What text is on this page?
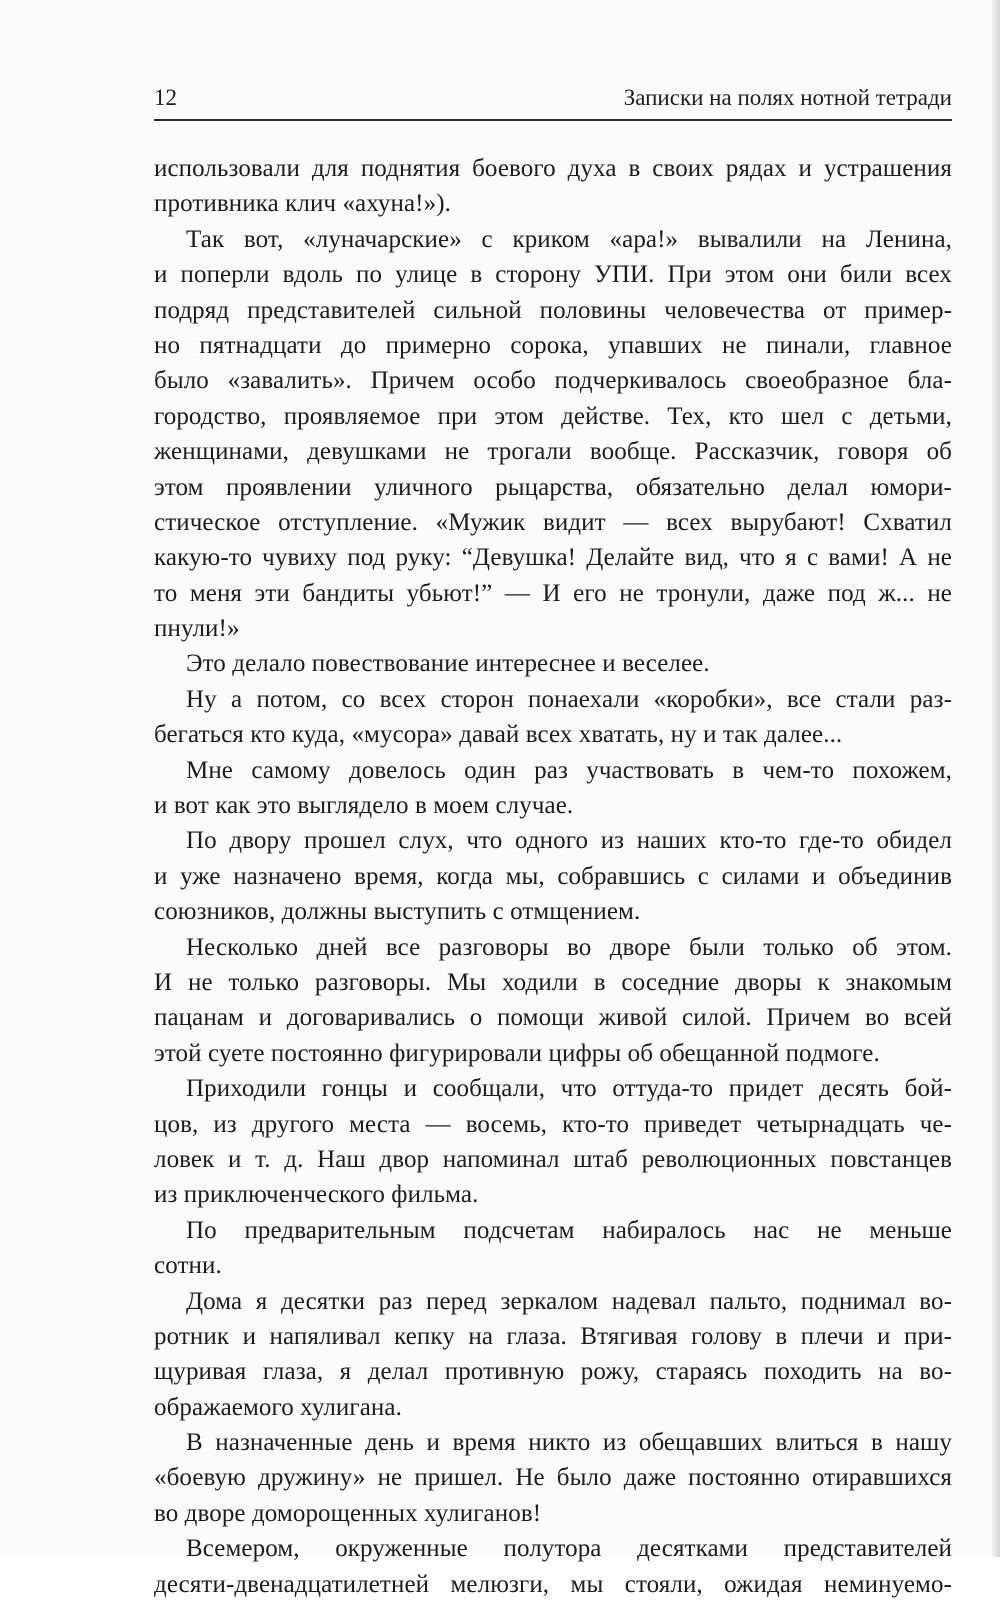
12	Записки на полях нотной тетради
использовали для поднятия боевого духа в своих рядах и устрашения
противника клич «ахуна!»).
Так вот, «луначарские» с криком «ара!» вывалили на Ленина,
и поперли вдоль по улице в сторону УПИ. При этом они били всех
подряд представителей сильной половины человечества от пример-
но пятнадцати до примерно сорока, упавших не пинали, главное
было «завалить». Причем особо подчеркивалось своеобразное бла-
городство, проявляемое при этом действе. Тех, кто шел с детьми,
женщинами, девушками не трогали вообще. Рассказчик, говоря об
этом проявлении уличного рыцарства, обязательно делал юмори-
стическое отступление. «Мужик видит — всех вырубают! Схватил
какую-то чувиху под руку: “Девушка! Делайте вид, что я с вами! А не
то меня эти бандиты убьют!” — И его не тронули, даже под ж... не
пнули!»
Это делало повествование интереснее и веселее.
Ну а потом, со всех сторон понаехали «коробки», все стали раз-
бегаться кто куда, «мусора» давай всех хватать, ну и так далее...
Мне самому довелось один раз участвовать в чем-то похожем,
и вот как это выглядело в моем случае.
По двору прошел слух, что одного из наших кто-то где-то обидел
и уже назначено время, когда мы, собравшись с силами и объединив
союзников, должны выступить с отмщением.
Несколько дней все разговоры во дворе были только об этом.
И не только разговоры. Мы ходили в соседние дворы к знакомым
пацанам и договаривались о помощи живой силой. Причем во всей
этой суете постоянно фигурировали цифры об обещанной подмоге.
Приходили гонцы и сообщали, что оттуда-то придет десять бой-
цов, из другого места — восемь, кто-то приведет четырнадцать че-
ловек и т. д. Наш двор напоминал штаб революционных повстанцев
из приключенческого фильма.
По предварительным подсчетам набиралось нас не меньше
сотни.
Дома я десятки раз перед зеркалом надевал пальто, поднимал во-
ротник и напяливал кепку на глаза. Втягивая голову в плечи и при-
щуривая глаза, я делал противную рожу, стараясь походить на во-
ображаемого хулигана.
В назначенные день и время никто из обещавших влиться в нашу
«боевую дружину» не пришел. Не было даже постоянно отиравшихся
во дворе доморощенных хулиганов!
Всемером, окруженные полутора десятками представителей
десяти-двенадцатилетней мелюзги, мы стояли, ожидая неминуемо-
